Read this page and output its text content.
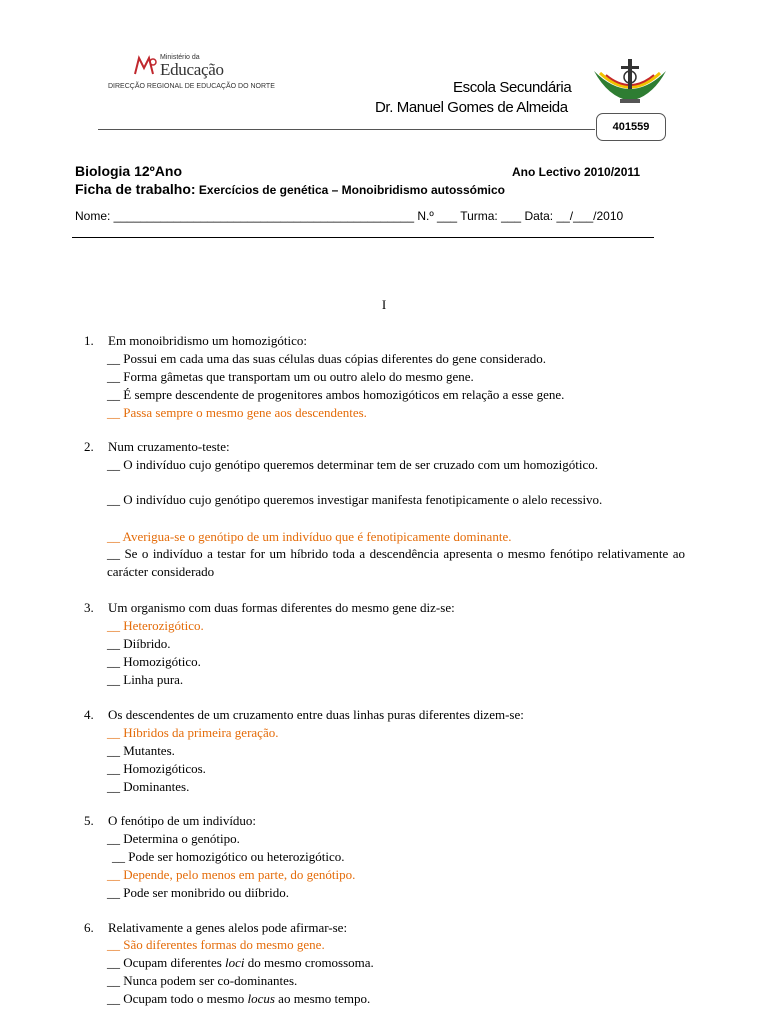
Ministério da
Educação
DIRECÇÃO REGIONAL DE EDUCAÇÃO DO NORTE	Escola Secundária
Dr. Manuel Gomes de Almeida
401559
Biologia 12ºAno	Ano Lectivo 2010/2011
Ficha de trabalho: Exercícios de genética – Monoibridismo autossómico
Nome: _____________________________________________ N.º ___ Turma: ___ Data: __/___/2010
I
1. Em monoibridismo um homozigótico:
__ Possui em cada uma das suas células duas cópias diferentes do gene considerado.
__ Forma gâmetas que transportam um ou outro alelo do mesmo gene.
__ É sempre descendente de progenitores ambos homozigóticos em relação a esse gene.
__ Passa sempre o mesmo gene aos descendentes.
2. Num cruzamento-teste:
__ O indivíduo cujo genótipo queremos determinar tem de ser cruzado com um homozigótico.
__ O indivíduo cujo genótipo queremos investigar manifesta fenotipicamente o alelo recessivo.
__ Averigua-se o genótipo de um indivíduo que é fenotipicamente dominante.
__ Se o indivíduo a testar for um híbrido toda a descendência apresenta o mesmo fenótipo relativamente ao carácter considerado
3. Um organismo com duas formas diferentes do mesmo gene diz-se:
__ Heterozigótico.
__ Diíbrido.
__ Homozigótico.
__ Linha pura.
4. Os descendentes de um cruzamento entre duas linhas puras diferentes dizem-se:
__ Híbridos da primeira geração.
__ Mutantes.
__ Homozigóticos.
__ Dominantes.
5. O fenótipo de um indivíduo:
__ Determina o genótipo.
__ Pode ser homozigótico ou heterozigótico.
__ Depende, pelo menos em parte, do genótipo.
__ Pode ser monibrido ou diíbrido.
6. Relativamente a genes alelos pode afirmar-se:
__ São diferentes formas do mesmo gene.
__ Ocupam diferentes loci do mesmo cromossoma.
__ Nunca podem ser co-dominantes.
__ Ocupam todo o mesmo locus ao mesmo tempo.
